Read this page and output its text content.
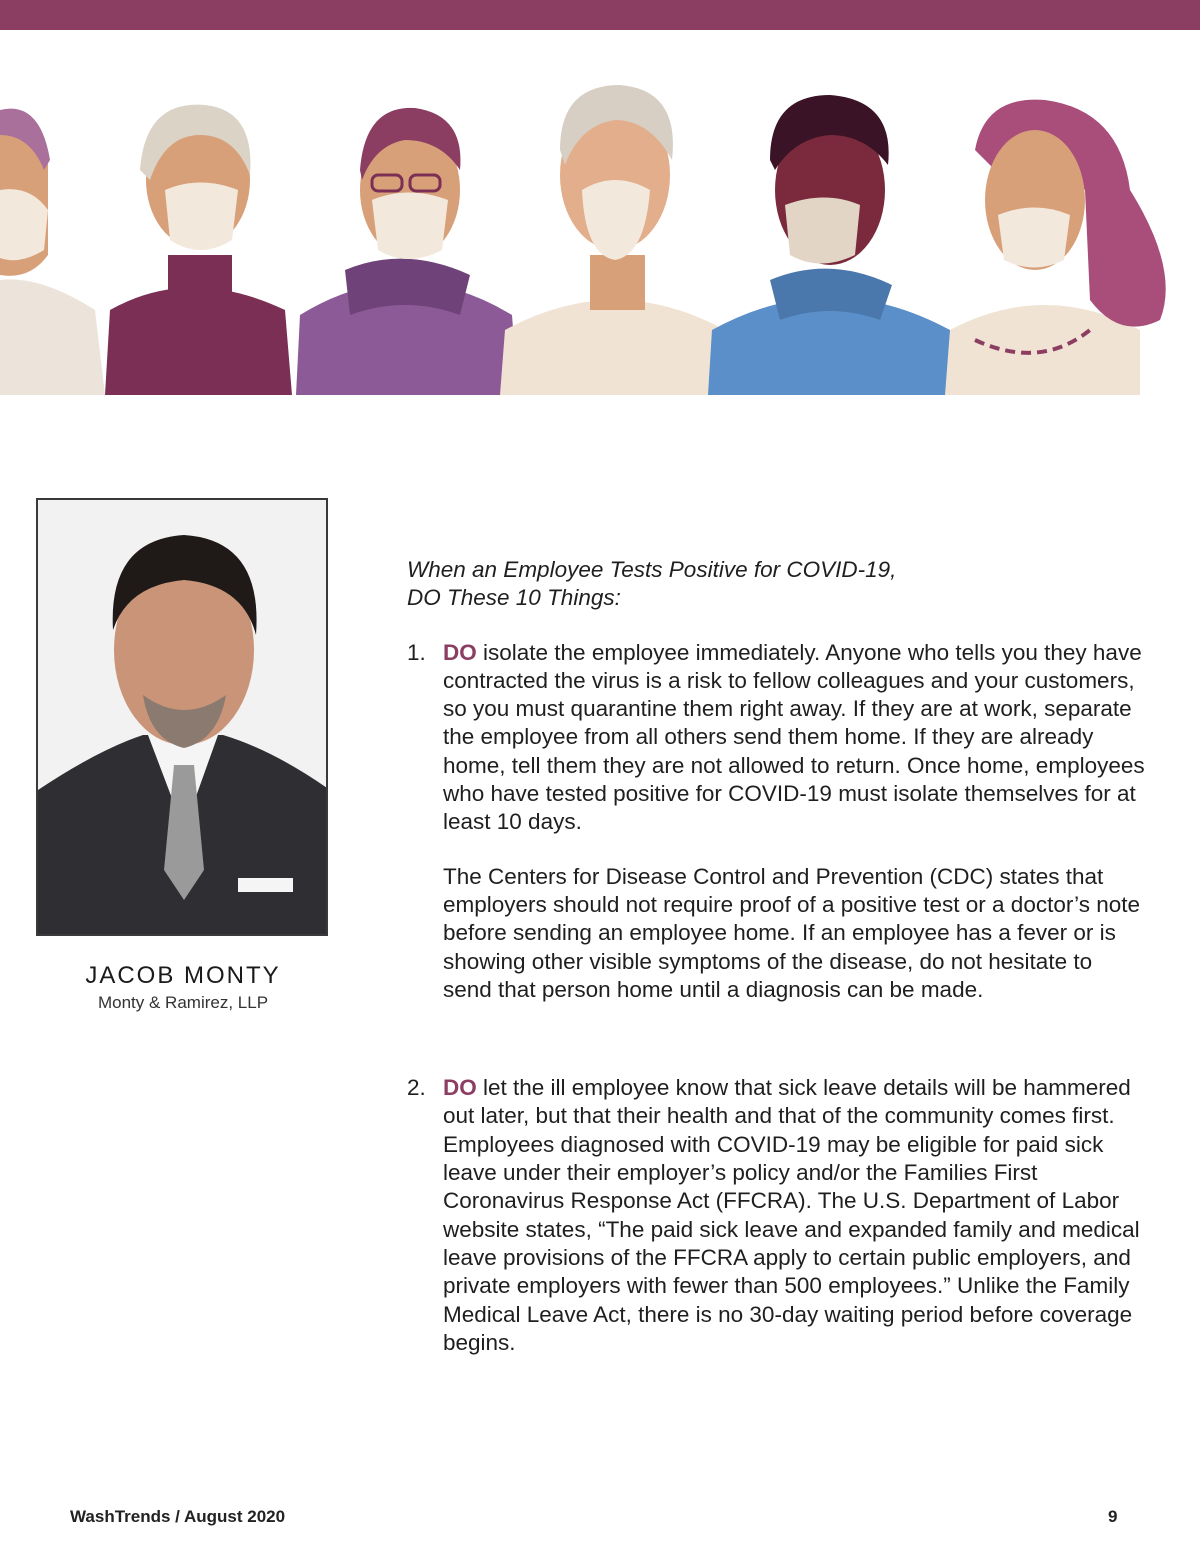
JACOB MONTY
Monty & Ramirez, LLP

When an Employee Tests Positive for COVID-19,

DO These 10 Things:

1. DO isolate the employee immediately. Anyone who tells you they have contracted the virus is a risk to fellow colleagues and your customers, so you must quarantine them right away. If they are at work, separate the employee from all others send them home. If they are already home, tell them they are not allowed to return. Once home, employees who have tested positive for COVID-19 must isolate themselves for at least 10 days.

The Centers for Disease Control and Prevention (CDC) states that employers should not require proof of a positive test or a doctor’s note before sending an employee home. If an employee has a fever or is showing other visible symptoms of the disease, do not hesitate to send that person home until a diagnosis can be made.

2. DO let the ill employee know that sick leave details will be hammered out later, but that their health and that of the community comes first. Employees diagnosed with COVID-19 may be eligible for paid sick leave under their employer’s policy and/or the Families First Coronavirus Response Act (FFCRA). The U.S. Department of Labor website states, “The paid sick leave and expanded family and medical leave provisions of the FFCRA apply to certain public employers, and private employers with fewer than 500 employees.” Unlike the Family Medical Leave Act, there is no 30-day waiting period before coverage begins.

WashTrends / August 2020	9
